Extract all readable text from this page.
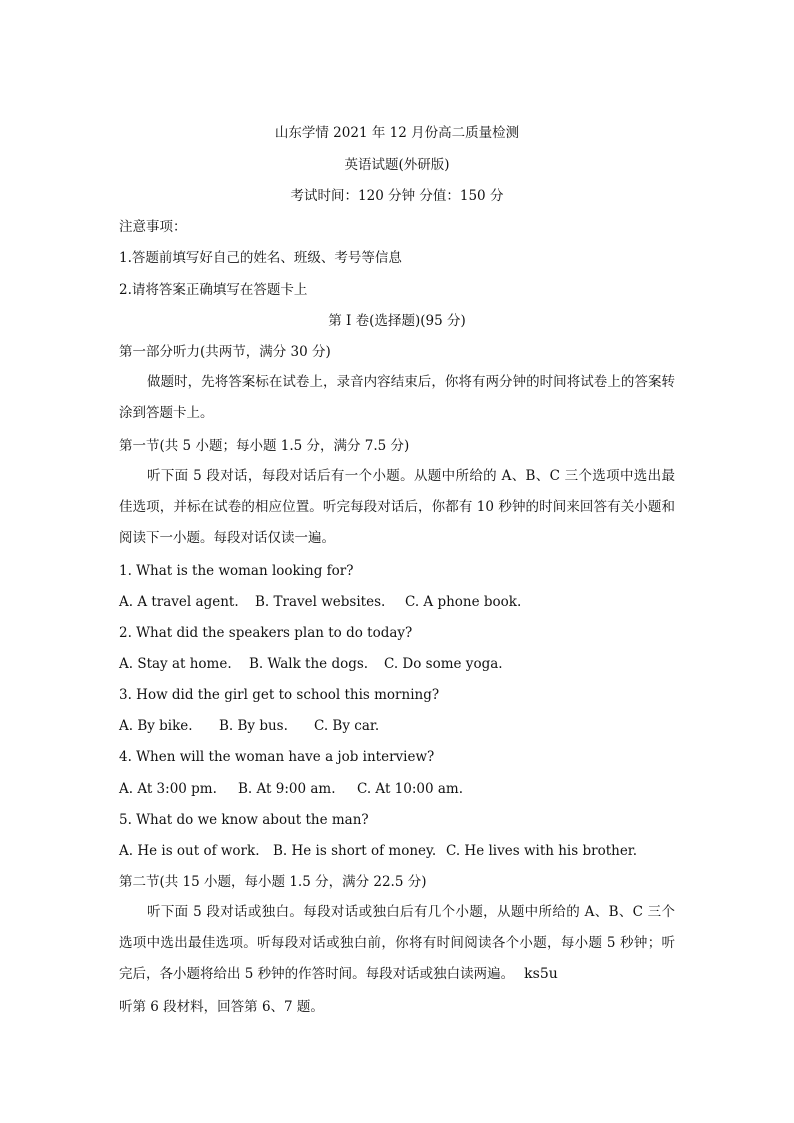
山东学情 2021 年 12 月份高二质量检测
英语试题(外研版)
考试时间：120 分钟 分值：150 分
注意事项：
1.答题前填写好自己的姓名、班级、考号等信息
2.请将答案正确填写在答题卡上
第 I 卷(选择题)(95 分)
第一部分听力(共两节，满分 30 分)
做题时，先将答案标在试卷上，录音内容结束后，你将有两分钟的时间将试卷上的答案转涂到答题卡上。
第一节(共 5 小题；每小题 1.5 分，满分 7.5 分)
听下面 5 段对话，每段对话后有一个小题。从题中所给的 A、B、C 三个选项中选出最佳选项，并标在试卷的相应位置。听完每段对话后，你都有 10 秒钟的时间来回答有关小题和阅读下一小题。每段对话仅读一遍。
1. What is the woman looking for?
A. A travel agent. B. Travel websites. C. A phone book.
2. What did the speakers plan to do today?
A. Stay at home. B. Walk the dogs. C. Do some yoga.
3. How did the girl get to school this morning?
A. By bike. B. By bus. C. By car.
4. When will the woman have a job interview?
A. At 3:00 pm. B. At 9:00 am. C. At 10:00 am.
5. What do we know about the man?
A. He is out of work. B. He is short of money. C. He lives with his brother.
第二节(共 15 小题，每小题 1.5 分，满分 22.5 分)
听下面 5 段对话或独白。每段对话或独白后有几个小题，从题中所给的 A、B、C 三个选项中选出最佳选项。听每段对话或独白前，你将有时间阅读各个小题，每小题 5 秒钟；听完后，各小题将给出 5 秒钟的作答时间。每段对话或独白读两遍。 ks5u
听第 6 段材料，回答第 6、7 题。
